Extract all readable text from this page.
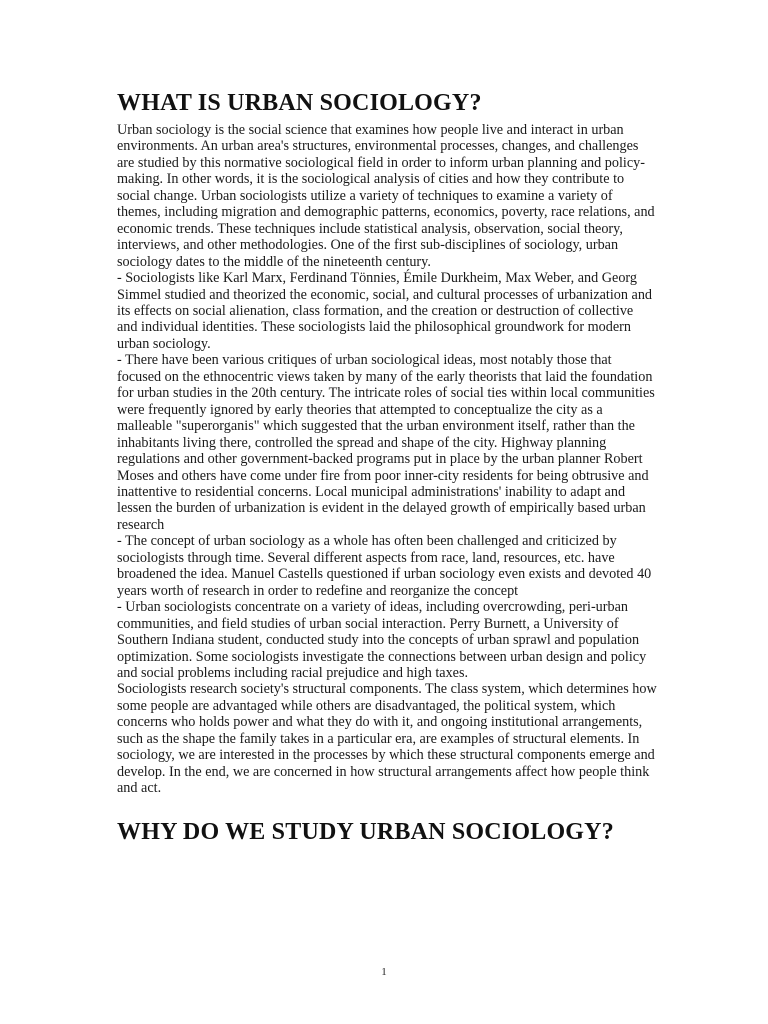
WHAT IS URBAN SOCIOLOGY?

Urban sociology is the social science that examines how people live and interact in urban environments. An urban area's structures, environmental processes, changes, and challenges are studied by this normative sociological field in order to inform urban planning and policy-making. In other words, it is the sociological analysis of cities and how they contribute to social change. Urban sociologists utilize a variety of techniques to examine a variety of themes, including migration and demographic patterns, economics, poverty, race relations, and economic trends. These techniques include statistical analysis, observation, social theory, interviews, and other methodologies. One of the first sub-disciplines of sociology, urban sociology dates to the middle of the nineteenth century.

- Sociologists like Karl Marx, Ferdinand Tönnies, Émile Durkheim, Max Weber, and Georg Simmel studied and theorized the economic, social, and cultural processes of urbanization and its effects on social alienation, class formation, and the creation or destruction of collective and individual identities. These sociologists laid the philosophical groundwork for modern urban sociology.

- There have been various critiques of urban sociological ideas, most notably those that focused on the ethnocentric views taken by many of the early theorists that laid the foundation for urban studies in the 20th century. The intricate roles of social ties within local communities were frequently ignored by early theories that attempted to conceptualize the city as a malleable "superorganis" which suggested that the urban environment itself, rather than the inhabitants living there, controlled the spread and shape of the city. Highway planning regulations and other government-backed programs put in place by the urban planner Robert Moses and others have come under fire from poor inner-city residents for being obtrusive and inattentive to residential concerns. Local municipal administrations' inability to adapt and lessen the burden of urbanization is evident in the delayed growth of empirically based urban research

- The concept of urban sociology as a whole has often been challenged and criticized by sociologists through time. Several different aspects from race, land, resources, etc. have broadened the idea. Manuel Castells questioned if urban sociology even exists and devoted 40 years worth of research in order to redefine and reorganize the concept

- Urban sociologists concentrate on a variety of ideas, including overcrowding, peri-urban communities, and field studies of urban social interaction. Perry Burnett, a University of Southern Indiana student, conducted study into the concepts of urban sprawl and population optimization. Some sociologists investigate the connections between urban design and policy and social problems including racial prejudice and high taxes.

Sociologists research society's structural components. The class system, which determines how some people are advantaged while others are disadvantaged, the political system, which concerns who holds power and what they do with it, and ongoing institutional arrangements, such as the shape the family takes in a particular era, are examples of structural elements. In sociology, we are interested in the processes by which these structural components emerge and develop. In the end, we are concerned in how structural arrangements affect how people think and act.

WHY DO WE STUDY URBAN SOCIOLOGY?
1
